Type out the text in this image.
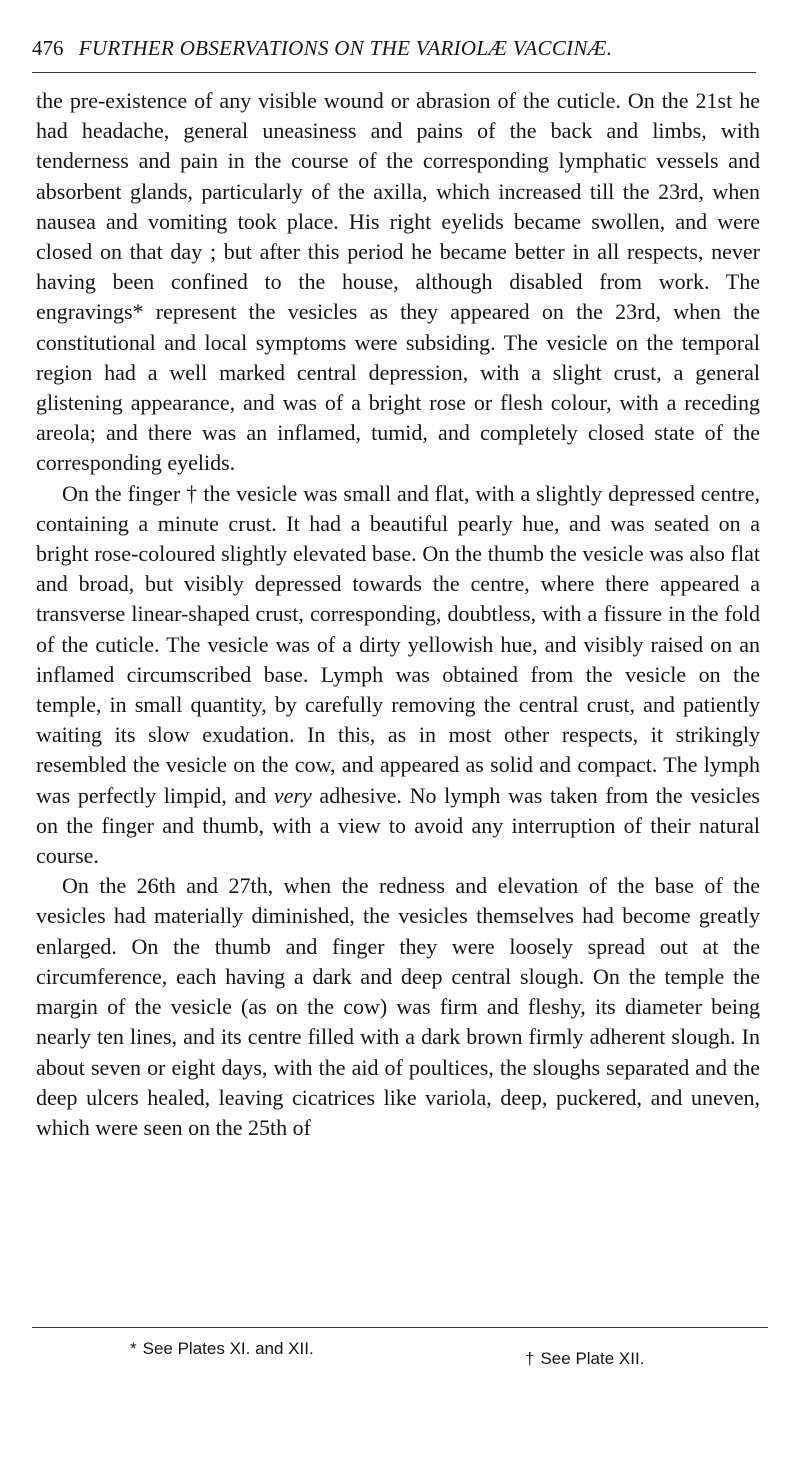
476 FURTHER OBSERVATIONS ON THE VARIOLÆ VACCINÆ.

the pre-existence of any visible wound or abrasion of the cuticle. On the 21st he had headache, general uneasiness and pains of the back and limbs, with tenderness and pain in the course of the corresponding lymphatic vessels and absorbent glands, particularly of the axilla, which increased till the 23rd, when nausea and vomiting took place. His right eyelids became swollen, and were closed on that day ; but after this period he became better in all respects, never having been confined to the house, although disabled from work. The engravings* represent the vesicles as they appeared on the 23rd, when the constitutional and local symptoms were subsiding. The vesicle on the temporal region had a well marked central depression, with a slight crust, a general glistening appearance, and was of a bright rose or flesh colour, with a receding areola; and there was an inflamed, tumid, and completely closed state of the corresponding eyelids.

On the finger † the vesicle was small and flat, with a slightly depressed centre, containing a minute crust. It had a beautiful pearly hue, and was seated on a bright rose-coloured slightly elevated base. On the thumb the vesicle was also flat and broad, but visibly depressed towards the centre, where there appeared a transverse linear-shaped crust, corresponding, doubtless, with a fissure in the fold of the cuticle. The vesicle was of a dirty yellowish hue, and visibly raised on an inflamed circumscribed base. Lymph was obtained from the vesicle on the temple, in small quantity, by carefully removing the central crust, and patiently waiting its slow exudation. In this, as in most other respects, it strikingly resembled the vesicle on the cow, and appeared as solid and compact. The lymph was perfectly limpid, and very adhesive. No lymph was taken from the vesicles on the finger and thumb, with a view to avoid any interruption of their natural course.

On the 26th and 27th, when the redness and elevation of the base of the vesicles had materially diminished, the vesicles themselves had become greatly enlarged. On the thumb and finger they were loosely spread out at the circumference, each having a dark and deep central slough. On the temple the margin of the vesicle (as on the cow) was firm and fleshy, its diameter being nearly ten lines, and its centre filled with a dark brown firmly adherent slough. In about seven or eight days, with the aid of poultices, the sloughs separated and the deep ulcers healed, leaving cicatrices like variola, deep, puckered, and uneven, which were seen on the 25th of

* See Plates XI. and XII.
† See Plate XII.
